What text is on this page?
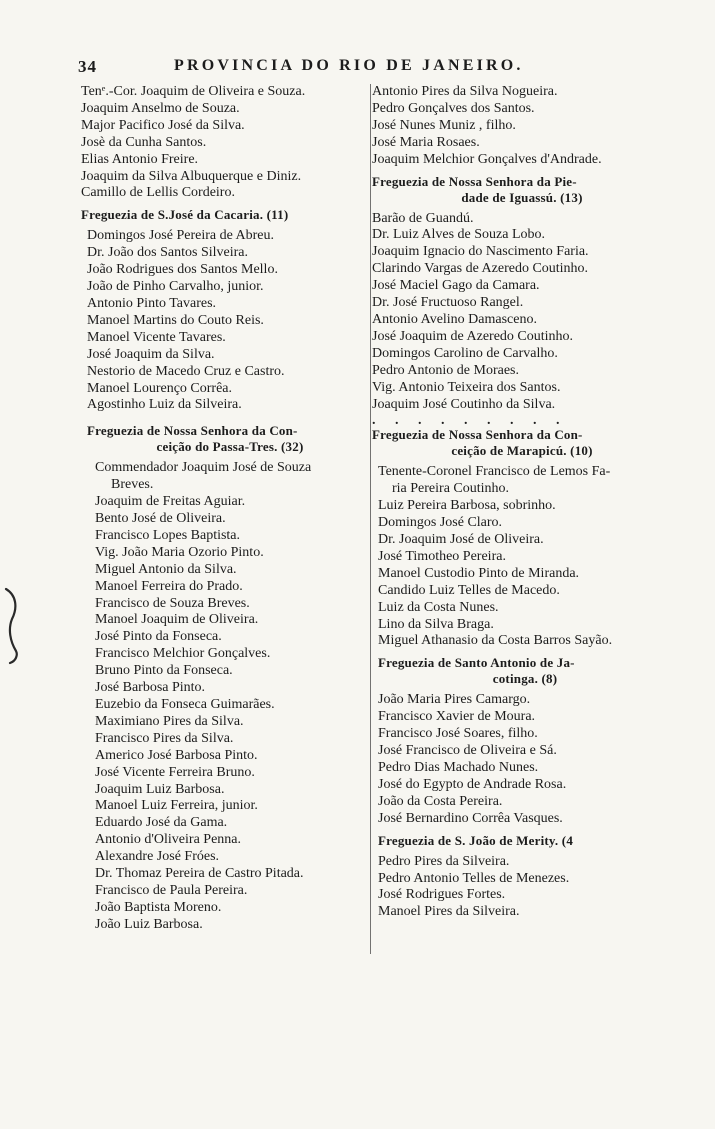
34	PROVINCIA DO RIO DE JANEIRO.
Tenᵉ.-Cor. Joaquim de Oliveira e Souza.
Joaquim Anselmo de Souza.
Major Pacifico José da Silva.
Josè da Cunha Santos.
Elias Antonio Freire.
Joaquim da Silva Albuquerque e Diniz.
Camillo de Lellis Cordeiro.
Freguezia de S.José da Cacaria. (11)
Domingos José Pereira de Abreu.
Dr. João dos Santos Silveira.
João Rodrigues dos Santos Mello.
João de Pinho Carvalho, junior.
Antonio Pinto Tavares.
Manoel Martins do Couto Reis.
Manoel Vicente Tavares.
José Joaquim da Silva.
Nestorio de Macedo Cruz e Castro.
Manoel Lourenço Corrêa.
Agostinho Luiz da Silveira.
Freguezia de Nossa Senhora da Con-
ceição do Passa-Tres. (32)
Commendador Joaquim José de Souza
Breves.
Joaquim de Freitas Aguiar.
Bento José de Oliveira.
Francisco Lopes Baptista.
Vig. João Maria Ozorio Pinto.
Miguel Antonio da Silva.
Manoel Ferreira do Prado.
Francisco de Souza Breves.
Manoel Joaquim de Oliveira.
José Pinto da Fonseca.
Francisco Melchior Gonçalves.
Bruno Pinto da Fonseca.
José Barbosa Pinto.
Euzebio da Fonseca Guimarães.
Maximiano Pires da Silva.
Francisco Pires da Silva.
Americo José Barbosa Pinto.
José Vicente Ferreira Bruno.
Joaquim Luiz Barbosa.
Manoel Luiz Ferreira, junior.
Eduardo José da Gama.
Antonio d'Oliveira Penna.
Alexandre José Fróes.
Dr. Thomaz Pereira de Castro Pitada.
Francisco de Paula Pereira.
João Baptista Moreno.
João Luiz Barbosa.
Antonio Pires da Silva Nogueira.
Pedro Gonçalves dos Santos.
José Nunes Muniz , filho.
José Maria Rosaes.
Joaquim Melchior Gonçalves d'Andrade.
Freguezia de Nossa Senhora da Pie-
dade de Iguassú. (13)
Barão de Guandú.
Dr. Luiz Alves de Souza Lobo.
Joaquim Ignacio do Nascimento Faria.
Clarindo Vargas de Azeredo Coutinho.
José Maciel Gago da Camara.
Dr. José Fructuoso Rangel.
Antonio Avelino Damasceno.
José Joaquim de Azeredo Coutinho.
Domingos Carolino de Carvalho.
Pedro Antonio de Moraes.
Vig. Antonio Teixeira dos Santos.
Joaquim José Coutinho da Silva.
. . . . . . . . .
Freguezia de Nossa Senhora da Con-
ceição de Marapicú. (10)
Tenente-Coronel Francisco de Lemos Fa-
ria Pereira Coutinho.
Luiz Pereira Barbosa, sobrinho.
Domingos José Claro.
Dr. Joaquim José de Oliveira.
José Timotheo Pereira.
Manoel Custodio Pinto de Miranda.
Candido Luiz Telles de Macedo.
Luiz da Costa Nunes.
Lino da Silva Braga.
Miguel Athanasio da Costa Barros Sayão.
Freguezia de Santo Antonio de Ja-
cotinga. (8)
João Maria Pires Camargo.
Francisco Xavier de Moura.
Francisco José Soares, filho.
José Francisco de Oliveira e Sá.
Pedro Dias Machado Nunes.
José do Egypto de Andrade Rosa.
João da Costa Pereira.
José Bernardino Corrêa Vasques.
Freguezia de S. João de Merity. (4
Pedro Pires da Silveira.
Pedro Antonio Telles de Menezes.
José Rodrigues Fortes.
Manoel Pires da Silveira.
